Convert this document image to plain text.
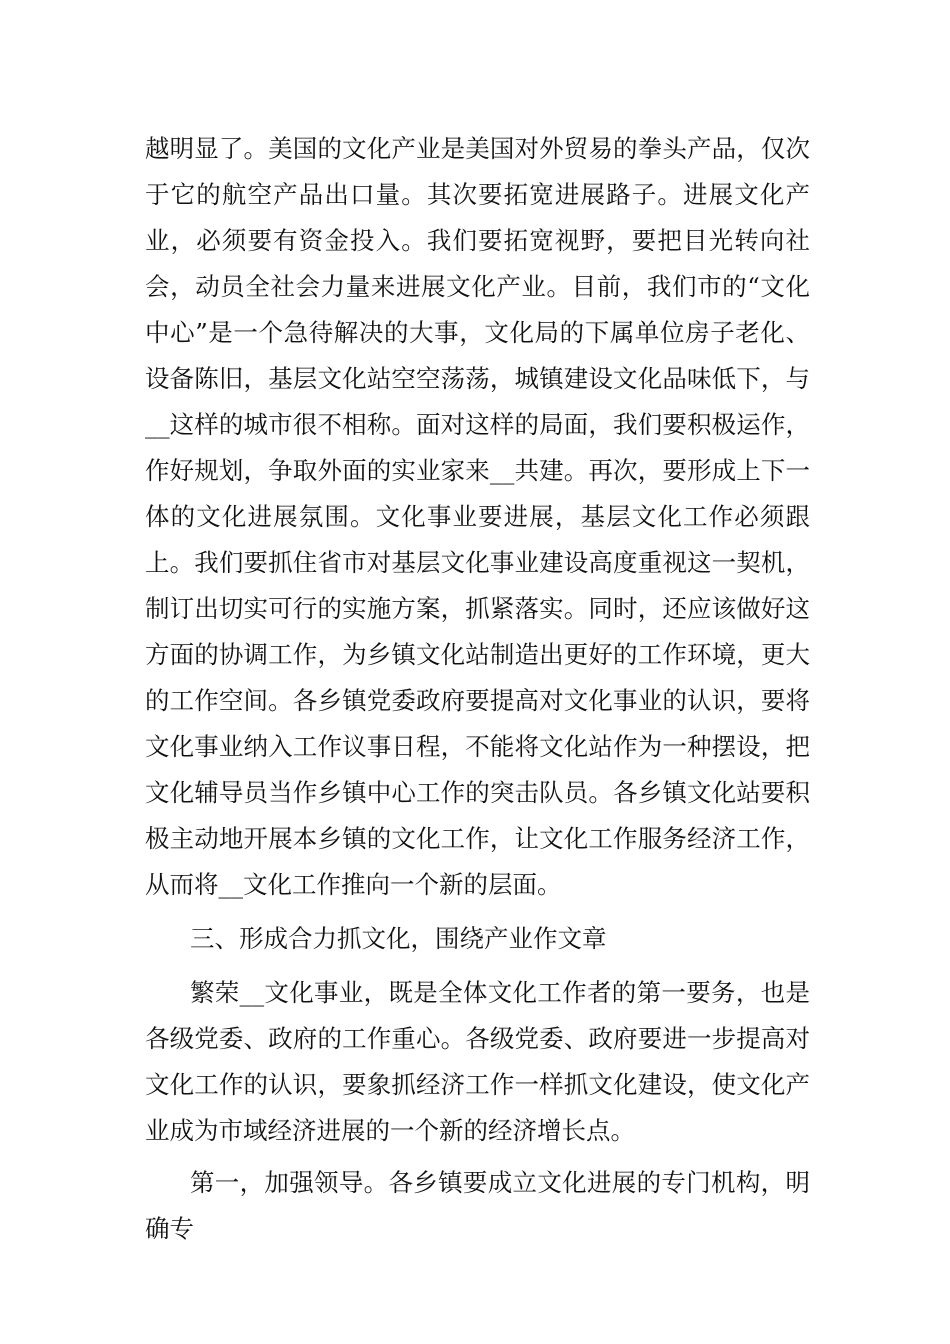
越明显了。美国的文化产业是美国对外贸易的拳头产品，仅次于它的航空产品出口量。其次要拓宽进展路子。进展文化产业，必须要有资金投入。我们要拓宽视野，要把目光转向社会，动员全社会力量来进展文化产业。目前，我们市的“文化中心”是一个急待解决的大事，文化局的下属单位房子老化、设备陈旧，基层文化站空空荡荡，城镇建设文化品味低下，与__这样的城市很不相称。面对这样的局面，我们要积极运作，作好规划，争取外面的实业家来__共建。再次，要形成上下一体的文化进展氛围。文化事业要进展，基层文化工作必须跟上。我们要抓住省市对基层文化事业建设高度重视这一契机，制订出切实可行的实施方案，抓紧落实。同时，还应该做好这方面的协调工作，为乡镇文化站制造出更好的工作环境，更大的工作空间。各乡镇党委政府要提高对文化事业的认识，要将文化事业纳入工作议事日程，不能将文化站作为一种摆设，把文化辅导员当作乡镇中心工作的突击队员。各乡镇文化站要积极主动地开展本乡镇的文化工作，让文化工作服务经济工作，从而将__文化工作推向一个新的层面。

三、形成合力抓文化，围绕产业作文章

繁荣__文化事业，既是全体文化工作者的第一要务，也是各级党委、政府的工作重心。各级党委、政府要进一步提高对文化工作的认识，要象抓经济工作一样抓文化建设，使文化产业成为市域经济进展的一个新的经济增长点。

第一，加强领导。各乡镇要成立文化进展的专门机构，明确专
